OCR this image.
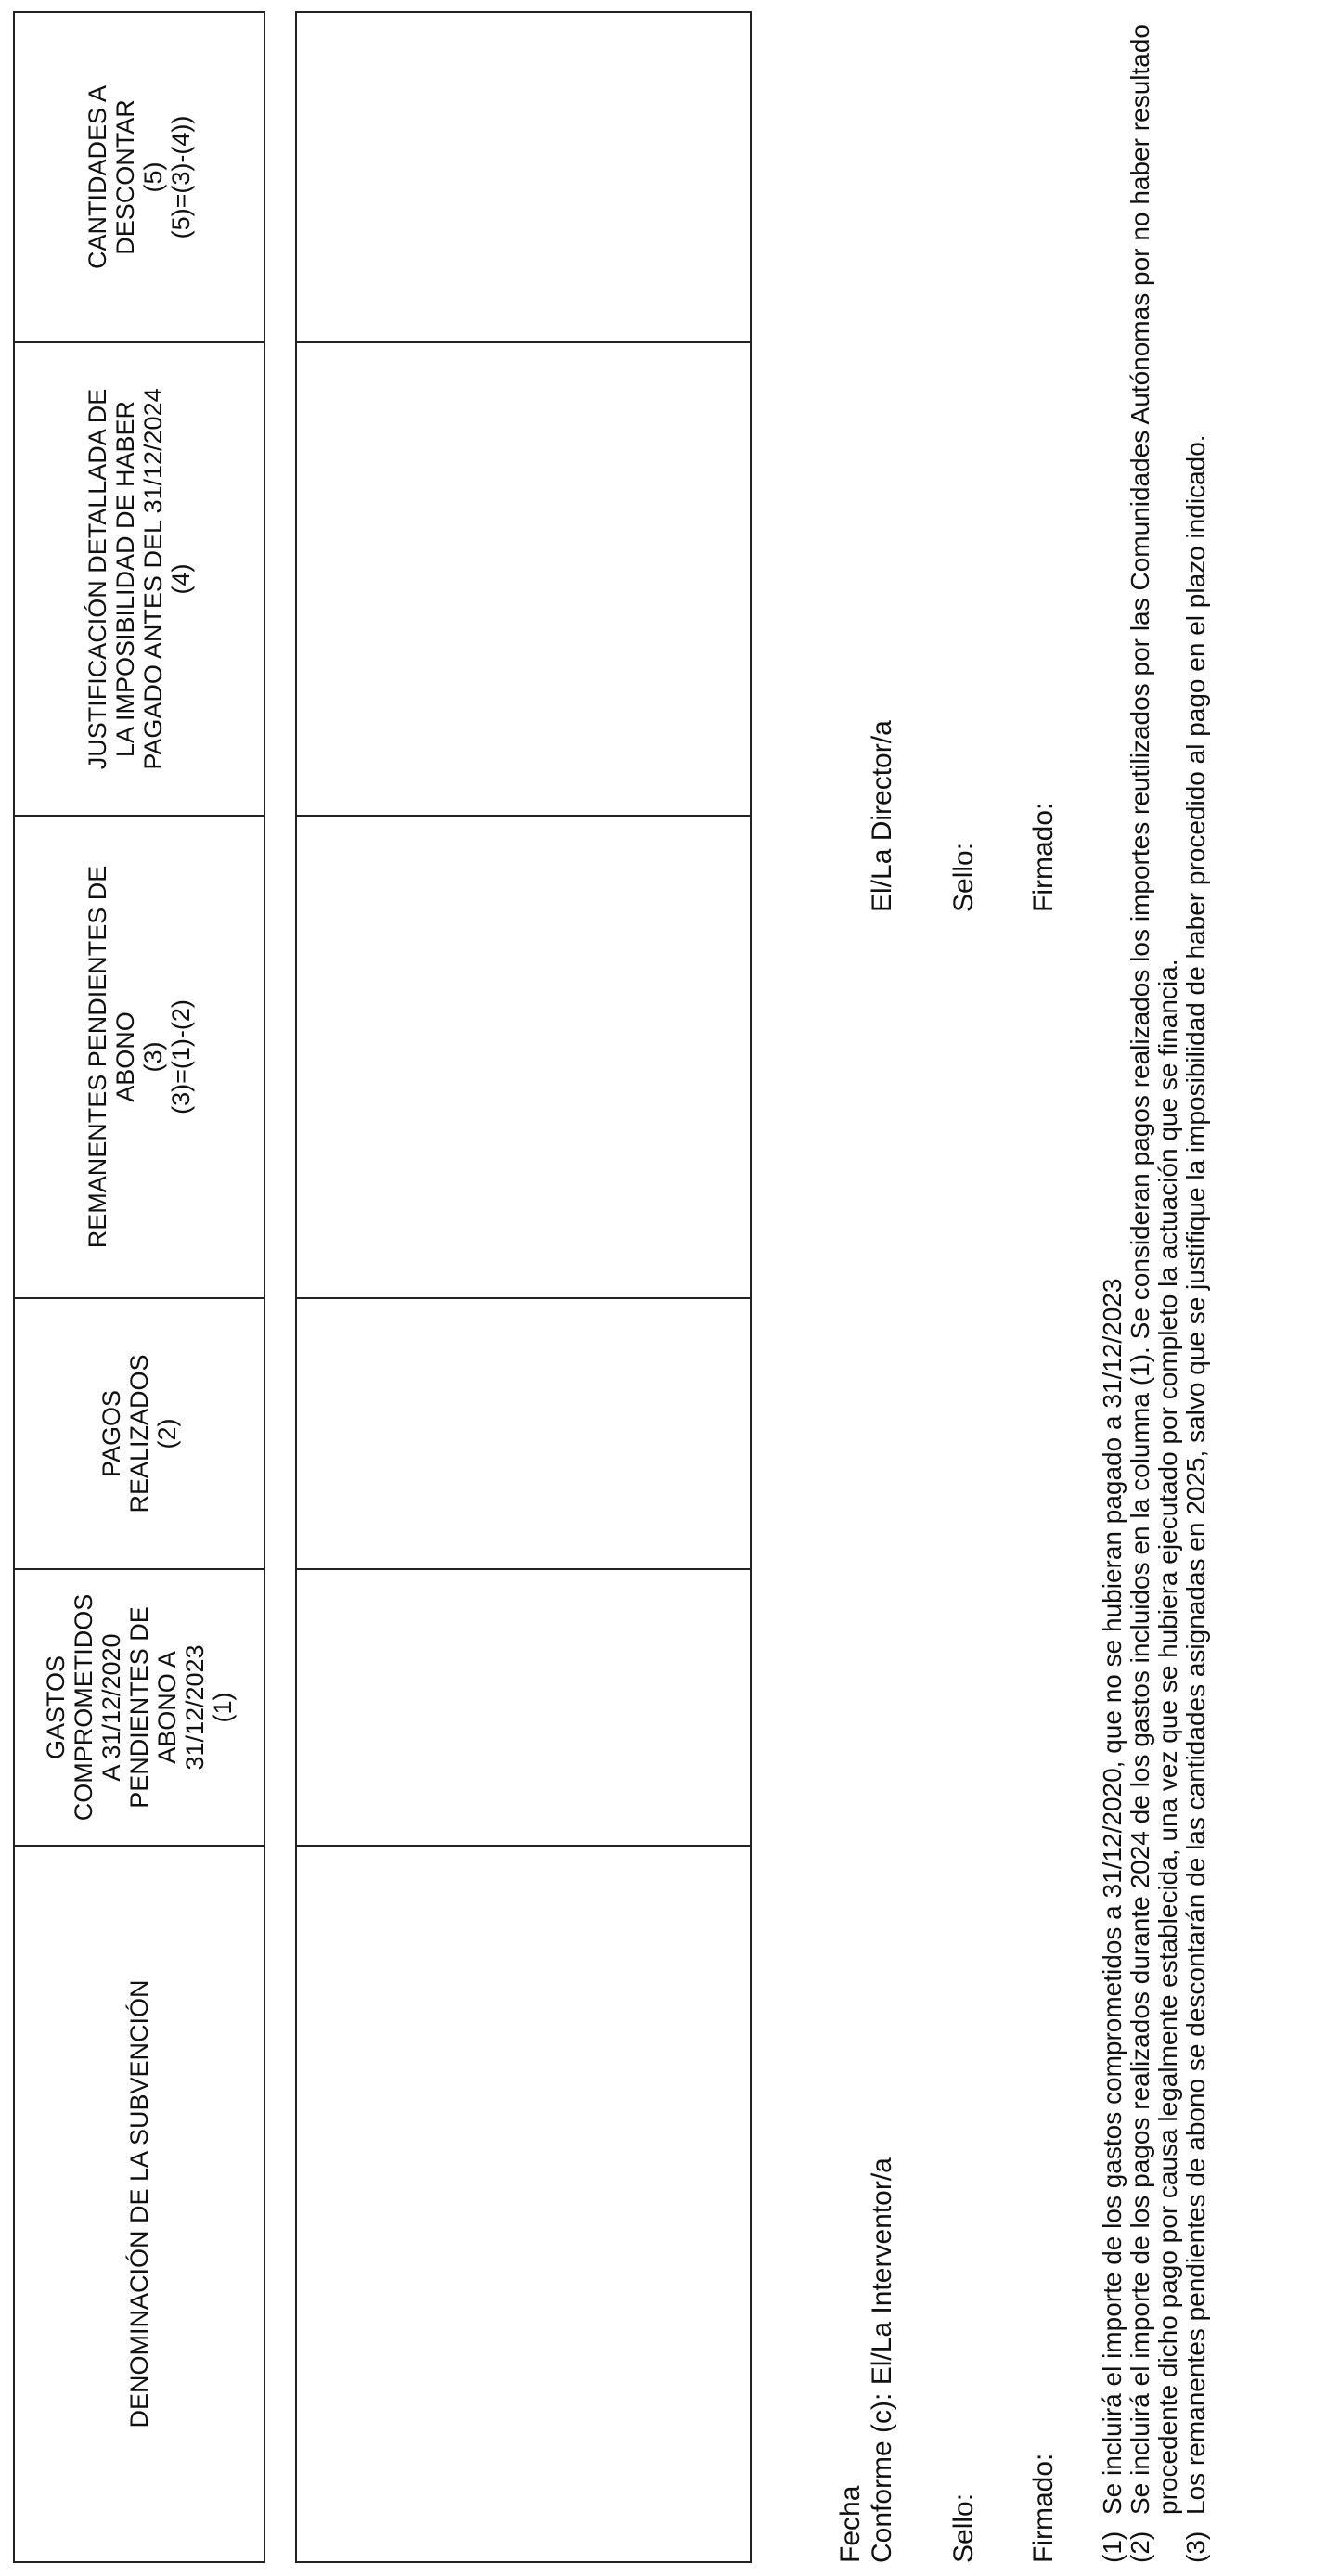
DENOMINACIÓN DE LA SUBVENCIÓN
GASTOS
COMPROMETIDOS
A 31/12/2020
PENDIENTES DE
ABONO A
31/12/2023
(1)
PAGOS
REALIZADOS
(2)
REMANENTES PENDIENTES DE
ABONO
(3)
(3)=(1)-(2)
JUSTIFICACIÓN DETALLADA DE
LA IMPOSIBILIDAD DE HABER
PAGADO ANTES DEL 31/12/2024
(4)
CANTIDADES A
DESCONTAR
(5)
(5)=(3)-(4))
Fecha Conforme (c): El/La Interventor/a Sello: Firmado:
El/La Director/a Sello: Firmado:
(1)
Se incluirá el importe de los gastos comprometidos a 31/12/2020, que no se hubieran pagado a 31/12/2023
(2)
Se incluirá el importe de los pagos realizados durante 2024 de los gastos incluidos en la columna (1). Se consideran pagos realizados los importes reutilizados por las Comunidades Autónomas por no haber resultado procedente dicho pago por causa legalmente establecida, una vez que se hubiera ejecutado por completo la actuación que se financia.
(3)
Los remanentes pendientes de abono se descontarán de las cantidades asignadas en 2025, salvo que se justifique la imposibilidad de haber procedido al pago en el plazo indicado.
